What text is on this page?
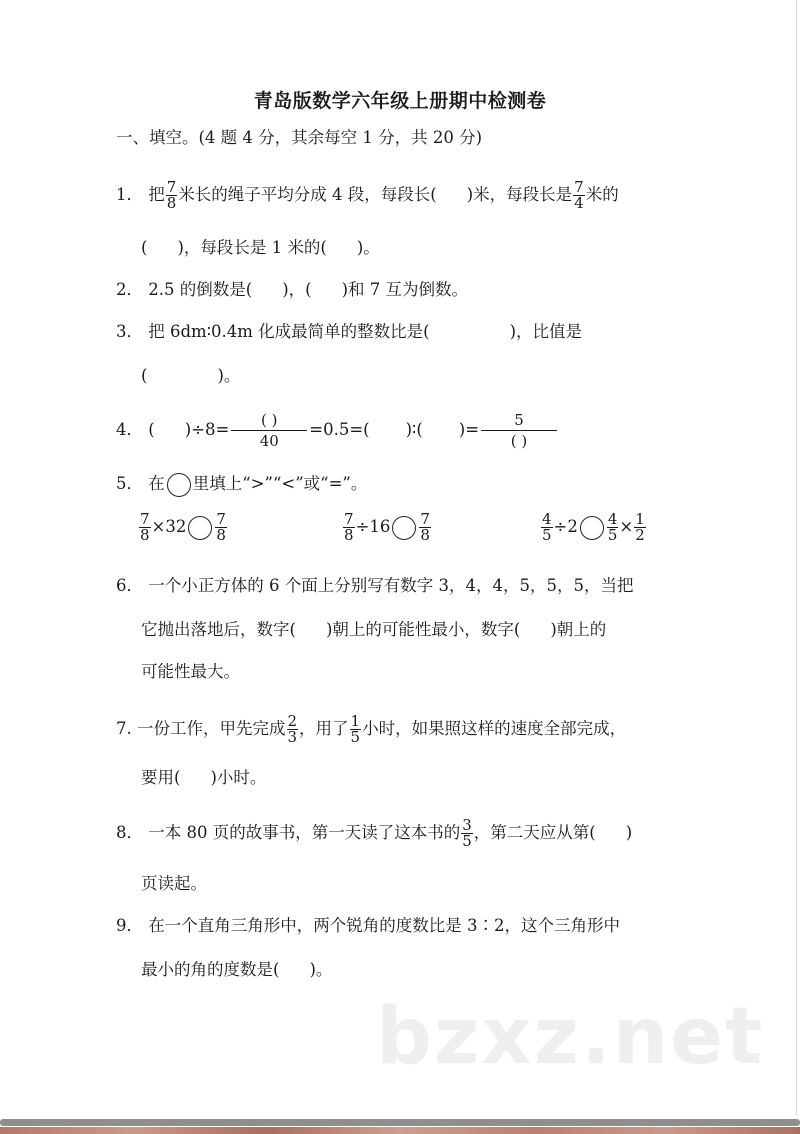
青岛版数学六年级上册期中检测卷
一、填空。(4 题 4 分，其余每空 1 分，共 20 分)
1． 把 $\frac{7}{8}$ 米长的绳子平均分成 4 段，每段长( )米，每段长是 $\frac{7}{4}$ 米的
( )，每段长是 1 米的( )。
2． 2.5 的倒数是( )，( )和 7 互为倒数。
3． 把 6dm∶0.4m 化成最简单的整数比是(	)，比值是
(	)。
4． ( )÷8=	( )
40
=0.5=( )∶( )=	5
( )
5． 在 里填上“>”“<”或“=”。
$\frac{7}{8} \times 32 \frac{7}{8}$	$\frac{7}{8} \div 16 \frac{7}{8}$	$\frac{4}{5} \div 2 \frac{4}{5} \times \frac{1}{2}$
6． 一个小正方体的 6 个面上分别写有数字 3，4，4，5，5，5，当把
它抛出落地后，数字( )朝上的可能性最小，数字( )朝上的
可能性最大。
7. 一份工作，甲先完成 $\frac{2}{3}$ ，用了 $\frac{1}{5}$ 小时，如果照这样的速度全部完成，
要用( )小时。
8． 一本 80 页的故事书，第一天读了这本书的 $\frac{3}{5}$ ，第二天应从第( )
页读起。
9． 在一个直角三角形中，两个锐角的度数比是 3∶2，这个三角形中
最小的角的度数是( )。
bzxz.net
